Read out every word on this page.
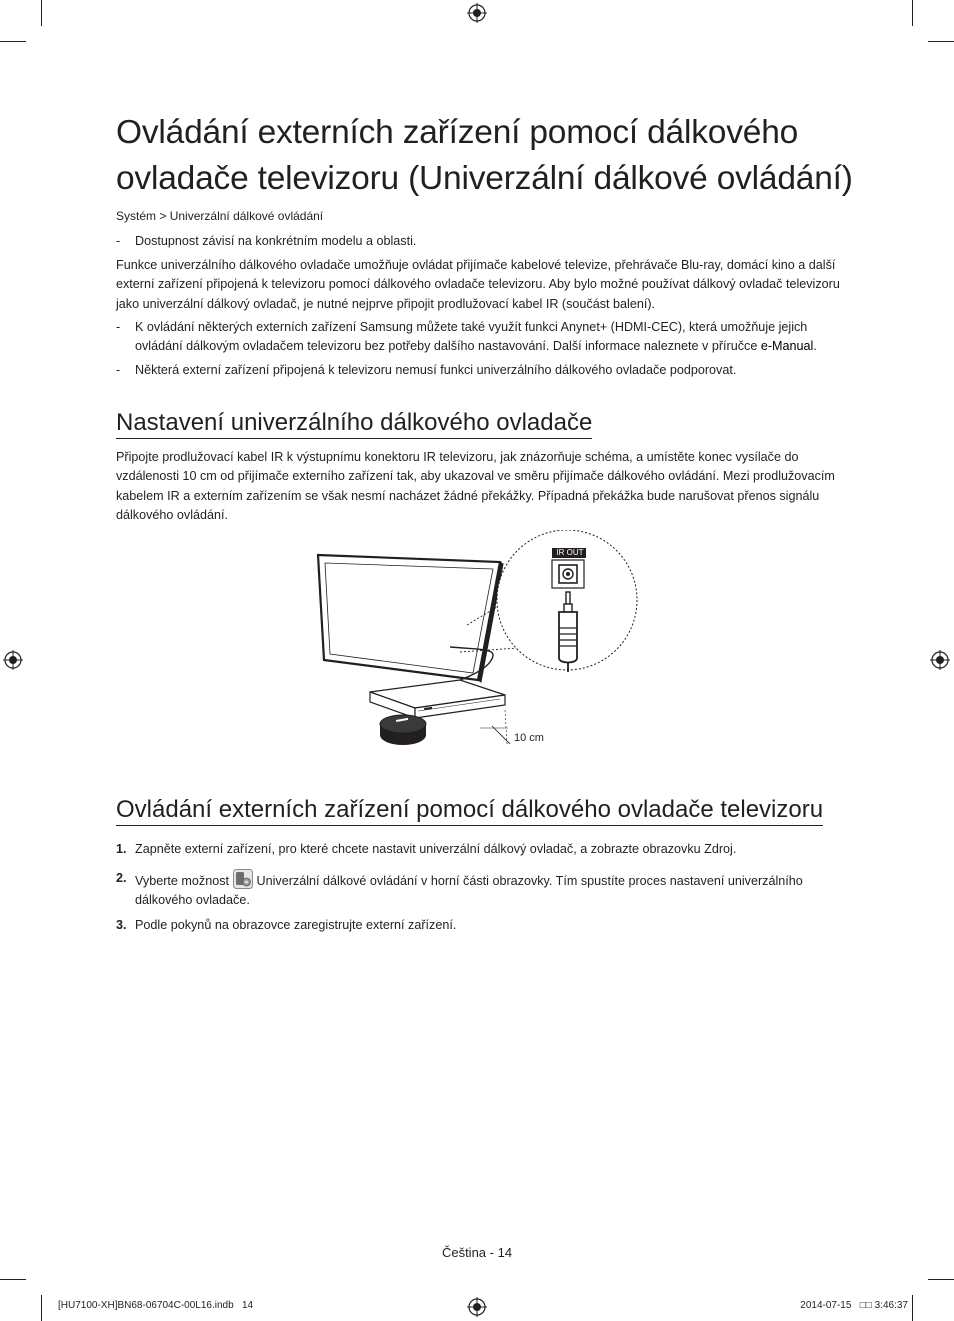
Ovládání externích zařízení pomocí dálkového ovladače televizoru (Univerzální dálkové ovládání)
Systém > Univerzální dálkové ovládání
- Dostupnost závisí na konkrétním modelu a oblasti.
Funkce univerzálního dálkového ovladače umožňuje ovládat přijímače kabelové televize, přehrávače Blu-ray, domácí kino a další externí zařízení připojená k televizoru pomocí dálkového ovladače televizoru. Aby bylo možné používat dálkový ovladač televizoru jako univerzální dálkový ovladač, je nutné nejprve připojit prodlužovací kabel IR (součást balení).
- K ovládání některých externích zařízení Samsung můžete také využít funkci Anynet+ (HDMI-CEC), která umožňuje jejich ovládání dálkovým ovladačem televizoru bez potřeby dalšího nastavování. Další informace naleznete v příručce e-Manual.
- Některá externí zařízení připojená k televizoru nemusí funkci univerzálního dálkového ovladače podporovat.
Nastavení univerzálního dálkového ovladače
Připojte prodlužovací kabel IR k výstupnímu konektoru IR televizoru, jak znázorňuje schéma, a umístěte konec vysílače do vzdálenosti 10 cm od přijímače externího zařízení tak, aby ukazoval ve směru přijímače dálkového ovládání. Mezi prodlužovacím kabelem IR a externím zařízením se však nesmí nacházet žádné překážky. Případná překážka bude narušovat přenos signálu dálkového ovládání.
IR OUT
10 cm
Ovládání externích zařízení pomocí dálkového ovladače televizoru
1. Zapněte externí zařízení, pro které chcete nastavit univerzální dálkový ovladač, a zobrazte obrazovku Zdroj.
2. Vyberte možnost Univerzální dálkové ovládání v horní části obrazovky. Tím spustíte proces nastavení univerzálního dálkového ovladače.
3. Podle pokynů na obrazovce zaregistrujte externí zařízení.
Čeština - 14
[HU7100-XH]BN68-06704C-00L16.indb   14	2014-07-15   □□ 3:46:37
